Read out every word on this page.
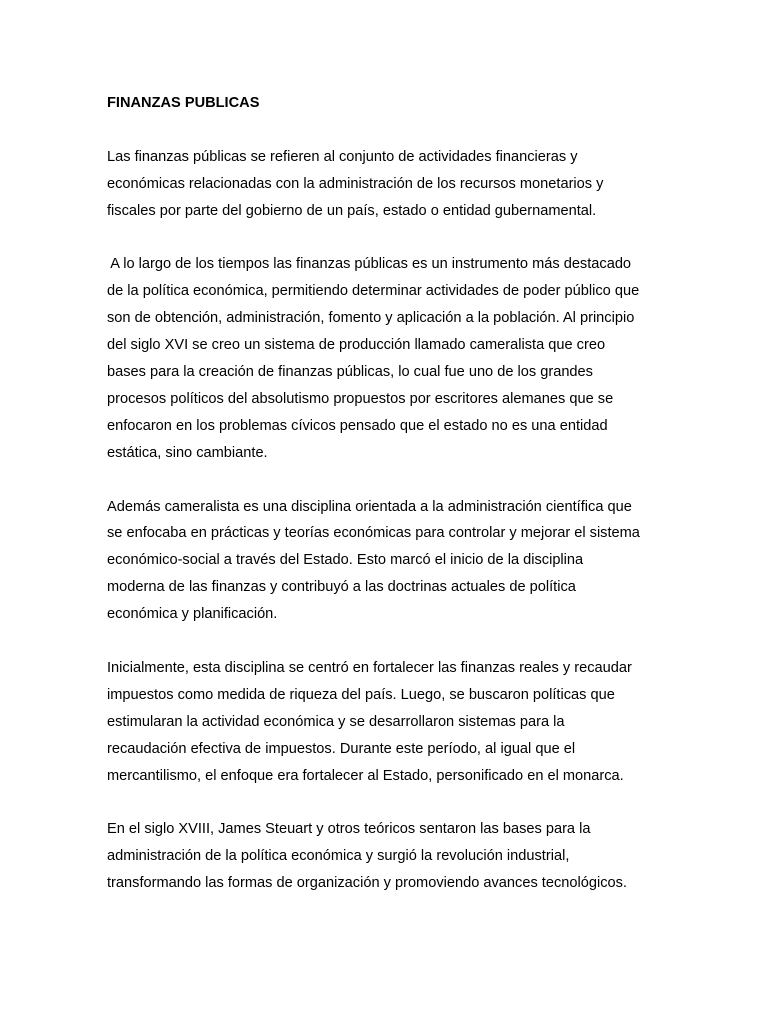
FINANZAS PUBLICAS

Las finanzas públicas se refieren al conjunto de actividades financieras y
económicas relacionadas con la administración de los recursos monetarios y
fiscales por parte del gobierno de un país, estado o entidad gubernamental.

A lo largo de los tiempos las finanzas públicas es un instrumento más destacado
de la política económica, permitiendo determinar actividades de poder público que
son de obtención, administración, fomento y aplicación a la población. Al principio
del siglo XVI se creo un sistema de producción llamado cameralista que creo
bases para la creación de finanzas públicas, lo cual fue uno de los grandes
procesos políticos del absolutismo propuestos por escritores alemanes que se
enfocaron en los problemas cívicos pensado que el estado no es una entidad
estática, sino cambiante.

Además cameralista es una disciplina orientada a la administración científica que
se enfocaba en prácticas y teorías económicas para controlar y mejorar el sistema
económico-social a través del Estado. Esto marcó el inicio de la disciplina
moderna de las finanzas y contribuyó a las doctrinas actuales de política
económica y planificación.

Inicialmente, esta disciplina se centró en fortalecer las finanzas reales y recaudar
impuestos como medida de riqueza del país. Luego, se buscaron políticas que
estimularan la actividad económica y se desarrollaron sistemas para la
recaudación efectiva de impuestos. Durante este período, al igual que el
mercantilismo, el enfoque era fortalecer al Estado, personificado en el monarca.

En el siglo XVIII, James Steuart y otros teóricos sentaron las bases para la
administración de la política económica y surgió la revolución industrial,
transformando las formas de organización y promoviendo avances tecnológicos.
